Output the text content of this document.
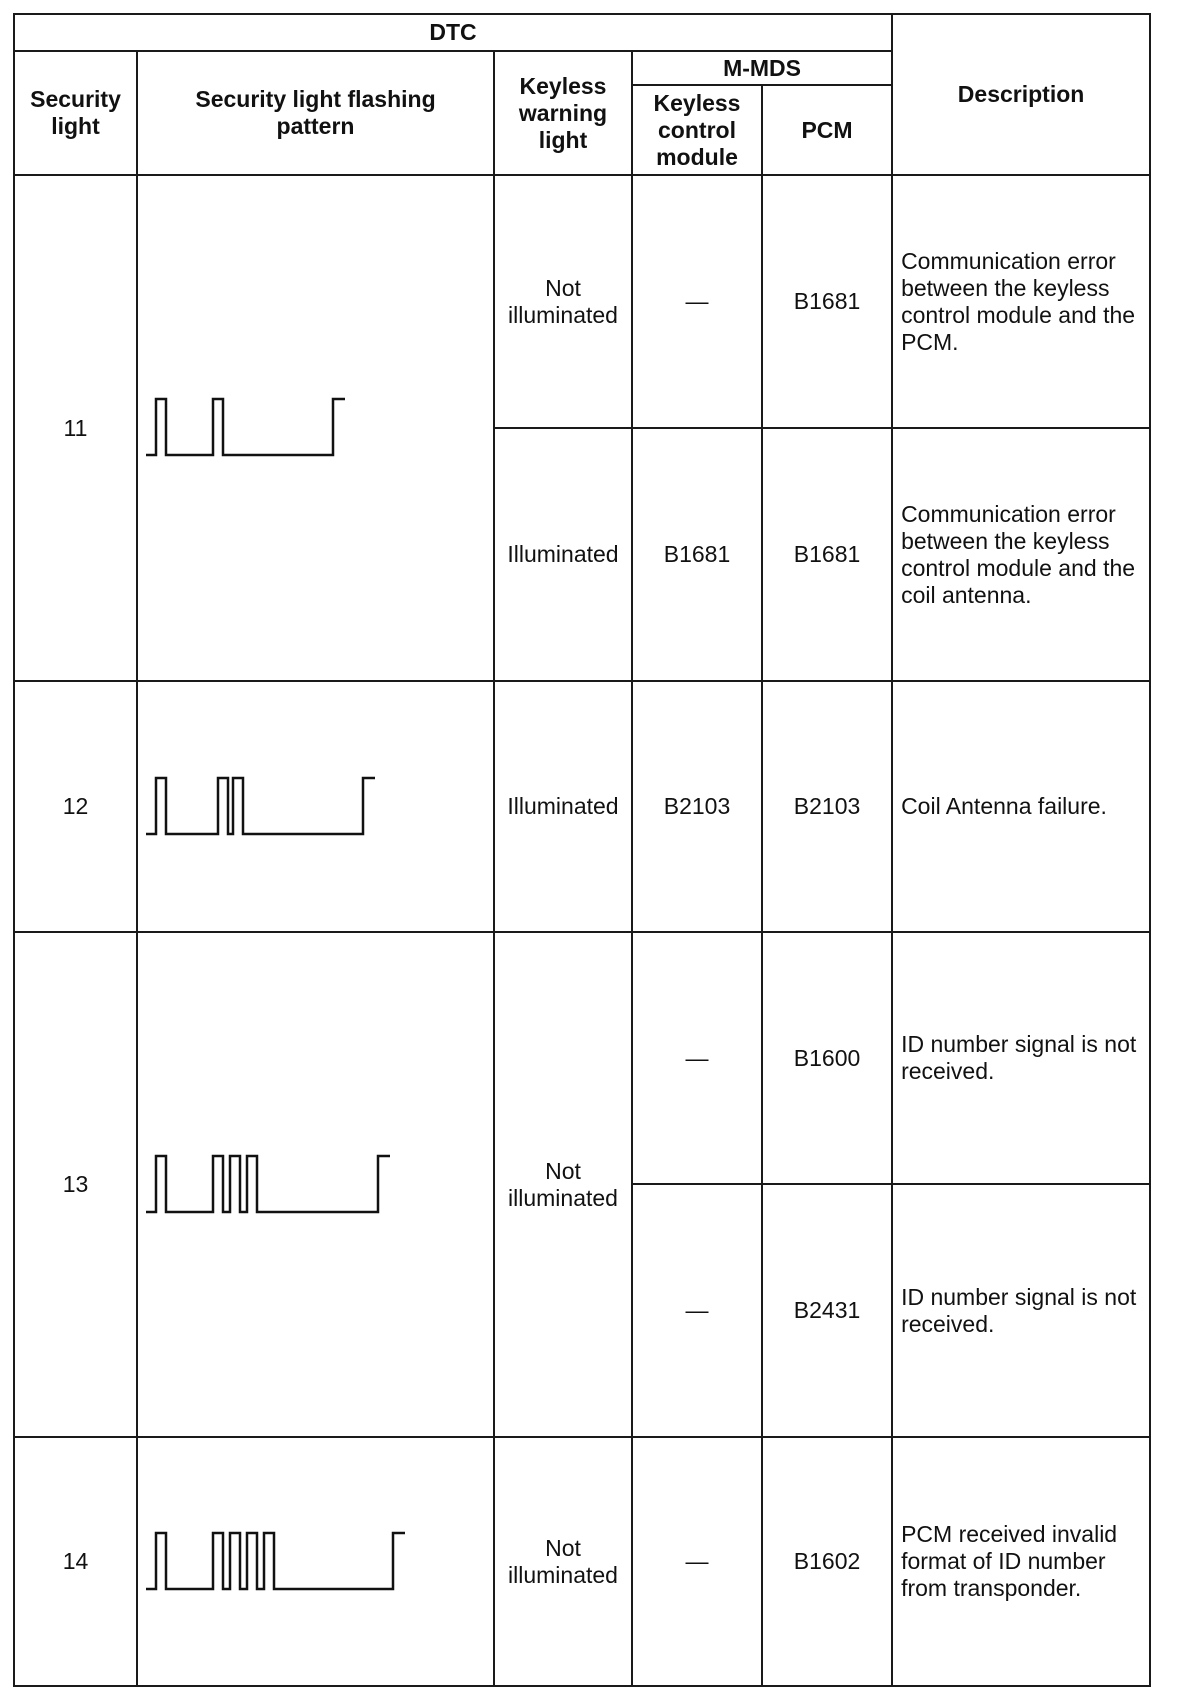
DTC					Description
Security light	Security light flashing pattern	Keyless warning light	M-MDS		
			Keyless control module	PCM	
11		Not illuminated	—	B1681	Communication error between the keyless control module and the PCM.
		Illuminated	B1681	B1681	Communication error between the keyless control module and the coil antenna.
12		Illuminated	B2103	B2103	Coil Antenna failure.
13		Not illuminated	—	B1600	ID number signal is not received.
			—	B2431	ID number signal is not received.
14		Not illuminated	—	B1602	PCM received invalid format of ID number from transponder.
